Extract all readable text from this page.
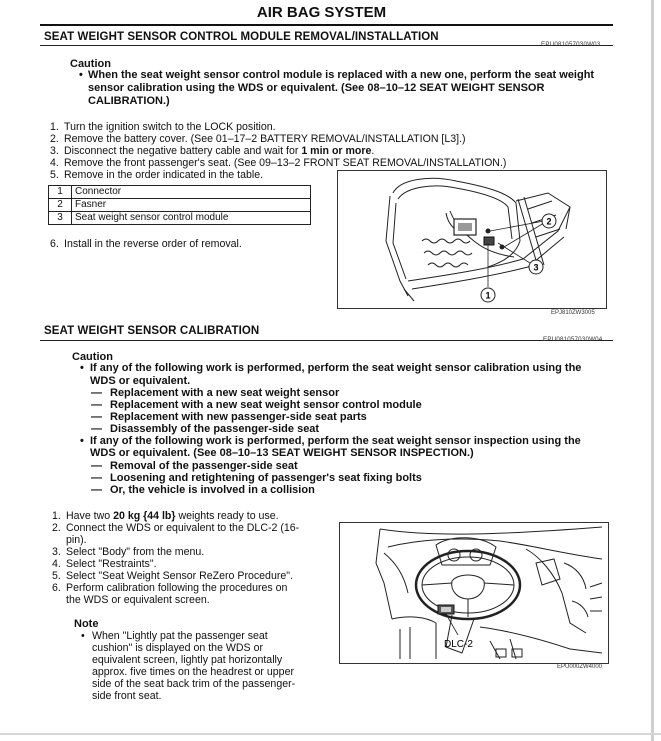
AIR BAG SYSTEM
SEAT WEIGHT SENSOR CONTROL MODULE REMOVAL/INSTALLATION
EPU081057030W03
Caution
• When the seat weight sensor control module is replaced with a new one, perform the seat weight
sensor calibration using the WDS or equivalent. (See 08–10–12 SEAT WEIGHT SENSOR
CALIBRATION.)
1. Turn the ignition switch to the LOCK position.
2. Remove the battery cover. (See 01–17–2 BATTERY REMOVAL/INSTALLATION [L3].)
3. Disconnect the negative battery cable and wait for 1 min or more.
4. Remove the front passenger's seat. (See 09–13–2 FRONT SEAT REMOVAL/INSTALLATION.)
5. Remove in the order indicated in the table.
1	Connector
2	Fasner
3	Seat weight sensor control module
6. Install in the reverse order of removal.
1
2
3
EPJ810ZW3005
SEAT WEIGHT SENSOR CALIBRATION
EPU081057030W04
Caution
• If any of the following work is performed, perform the seat weight sensor calibration using the
WDS or equivalent.
— Replacement with a new seat weight sensor
— Replacement with a new seat weight sensor control module
— Replacement with new passenger-side seat parts
— Disassembly of the passenger-side seat
• If any of the following work is performed, perform the seat weight sensor inspection using the
WDS or equivalent. (See 08–10–13 SEAT WEIGHT SENSOR INSPECTION.)
— Removal of the passenger-side seat
— Loosening and retightening of passenger's seat fixing bolts
— Or, the vehicle is involved in a collision
1. Have two 20 kg {44 lb} weights ready to use.
2. Connect the WDS or equivalent to the DLC-2 (16-
pin).
3. Select "Body" from the menu.
4. Select "Restraints".
5. Select "Seat Weight Sensor ReZero Procedure".
6. Perform calibration following the procedures on
the WDS or equivalent screen.
Note
• When "Lightly pat the passenger seat
cushion" is displayed on the WDS or
equivalent screen, lightly pat horizontally
approx. five times on the headrest or upper
side of the seat back trim of the passenger-
side front seat.
DLC-2
EPU000ZW4000
